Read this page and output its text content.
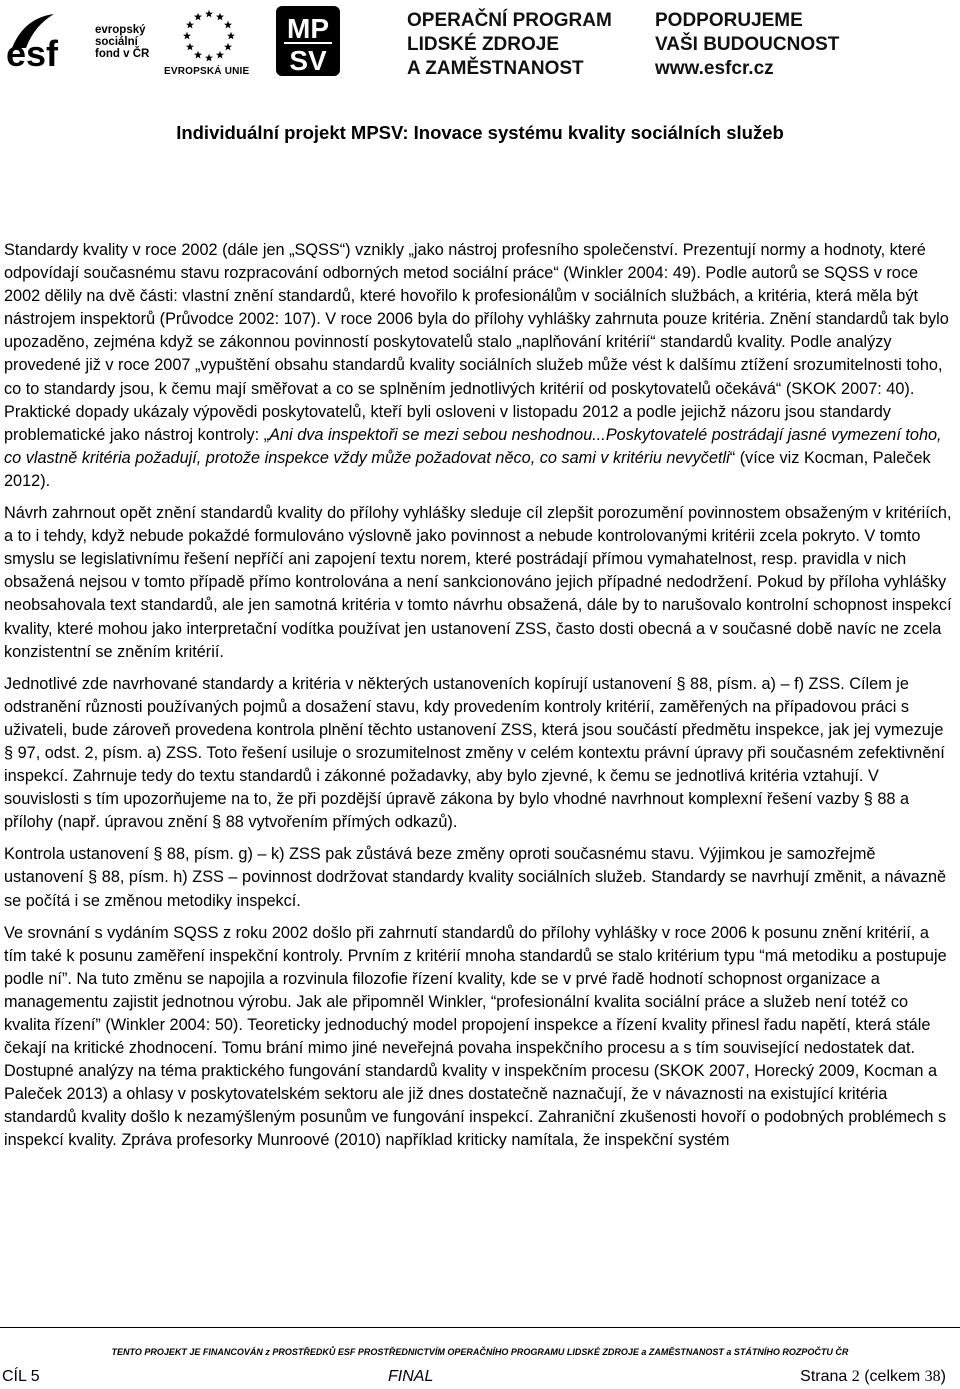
esf
evropský
sociální
fond v ČR
EVROPSKÁ UNIE
MP
SV
OPERAČNÍ PROGRAM
LIDSKÉ ZDROJE
A ZAMĚSTNANOST
PODPORUJEME
VAŠI BUDOUCNOST
www.esfcr.cz
Individuální projekt MPSV: Inovace systému kvality sociálních služeb

Standardy kvality v roce 2002 (dále jen „SQSS“) vznikly „jako nástroj profesního společenství. Prezentují normy a hodnoty, které odpovídají současnému stavu rozpracování odborných metod sociální práce“ (Winkler 2004: 49). Podle autorů se SQSS v roce 2002 dělily na dvě části: vlastní znění standardů, které hovořilo k profesionálům v sociálních službách, a kritéria, která měla být nástrojem inspektorů (Průvodce 2002: 107). V roce 2006 byla do přílohy vyhlášky zahrnuta pouze kritéria. Znění standardů tak bylo upozaděno, zejména když se zákonnou povinností poskytovatelů stalo „naplňování kritérií“ standardů kvality. Podle analýzy provedené již v roce 2007 „vypuštění obsahu standardů kvality sociálních služeb může vést k dalšímu ztížení srozumitelnosti toho, co to standardy jsou, k čemu mají směřovat a co se splněním jednotlivých kritérií od poskytovatelů očekává“ (SKOK 2007: 40). Praktické dopady ukázaly výpovědi poskytovatelů, kteří byli osloveni v listopadu 2012 a podle jejichž názoru jsou standardy problematické jako nástroj kontroly: „Ani dva inspektoři se mezi sebou neshodnou...Poskytovatelé postrádají jasné vymezení toho, co vlastně kritéria požadují, protože inspekce vždy může požadovat něco, co sami v kritériu nevyčetli“ (více viz Kocman, Paleček 2012).

Návrh zahrnout opět znění standardů kvality do přílohy vyhlášky sleduje cíl zlepšit porozumění povinnostem obsaženým v kritériích, a to i tehdy, když nebude pokaždé formulováno výslovně jako povinnost a nebude kontrolovanými kritérii zcela pokryto. V tomto smyslu se legislativnímu řešení nepříčí ani zapojení textu norem, které postrádají přímou vymahatelnost, resp. pravidla v nich obsažená nejsou v tomto případě přímo kontrolována a není sankcionováno jejich případné nedodržení. Pokud by příloha vyhlášky neobsahovala text standardů, ale jen samotná kritéria v tomto návrhu obsažená, dále by to narušovalo kontrolní schopnost inspekcí kvality, které mohou jako interpretační vodítka používat jen ustanovení ZSS, často dosti obecná a v současné době navíc ne zcela konzistentní se zněním kritérií.

Jednotlivé zde navrhované standardy a kritéria v některých ustanoveních kopírují ustanovení § 88, písm. a) – f) ZSS. Cílem je odstranění různosti používaných pojmů a dosažení stavu, kdy provedením kontroly kritérií, zaměřených na případovou práci s uživateli, bude zároveň provedena kontrola plnění těchto ustanovení ZSS, která jsou součástí předmětu inspekce, jak jej vymezuje § 97, odst. 2, písm. a) ZSS. Toto řešení usiluje o srozumitelnost změny v celém kontextu právní úpravy při současném zefektivnění inspekcí. Zahrnuje tedy do textu standardů i zákonné požadavky, aby bylo zjevné, k čemu se jednotlivá kritéria vztahují. V souvislosti s tím upozorňujeme na to, že při pozdější úpravě zákona by bylo vhodné navrhnout komplexní řešení vazby § 88 a přílohy (např. úpravou znění § 88 vytvořením přímých odkazů).

Kontrola ustanovení § 88, písm. g) – k) ZSS pak zůstává beze změny oproti současnému stavu. Výjimkou je samozřejmě ustanovení § 88, písm. h) ZSS – povinnost dodržovat standardy kvality sociálních služeb. Standardy se navrhují změnit, a návazně se počítá i se změnou metodiky inspekcí.

Ve srovnání s vydáním SQSS z roku 2002 došlo při zahrnutí standardů do přílohy vyhlášky v roce 2006 k posunu znění kritérií, a tím také k posunu zaměření inspekční kontroly. Prvním z kritérií mnoha standardů se stalo kritérium typu “má metodiku a postupuje podle ní”. Na tuto změnu se napojila a rozvinula filozofie řízení kvality, kde se v prvé řadě hodnotí schopnost organizace a managementu zajistit jednotnou výrobu. Jak ale připomněl Winkler, “profesionální kvalita sociální práce a služeb není totéž co kvalita řízení” (Winkler 2004: 50). Teoreticky jednoduchý model propojení inspekce a řízení kvality přinesl řadu napětí, která stále čekají na kritické zhodnocení. Tomu brání mimo jiné neveřejná povaha inspekčního procesu a s tím související nedostatek dat. Dostupné analýzy na téma praktického fungování standardů kvality v inspekčním procesu (SKOK 2007, Horecký 2009, Kocman a Paleček 2013) a ohlasy v poskytovatelském sektoru ale již dnes dostatečně naznačují, že v návaznosti na existující kritéria standardů kvality došlo k nezamýšleným posunům ve fungování inspekcí. Zahraniční zkušenosti hovoří o podobných problémech s inspekcí kvality. Zpráva profesorky Munroové (2010) například kriticky namítala, že inspekční systém

TENTO PROJEKT JE FINANCOVÁN z PROSTŘEDKŮ ESF PROSTŘEDNICTVÍM OPERAČNÍHO PROGRAMU LIDSKÉ ZDROJE a ZAMĚSTNANOST a STÁTNÍHO ROZPOČTU ČR
CÍL 5	FINAL	Strana 2 (celkem 38)
